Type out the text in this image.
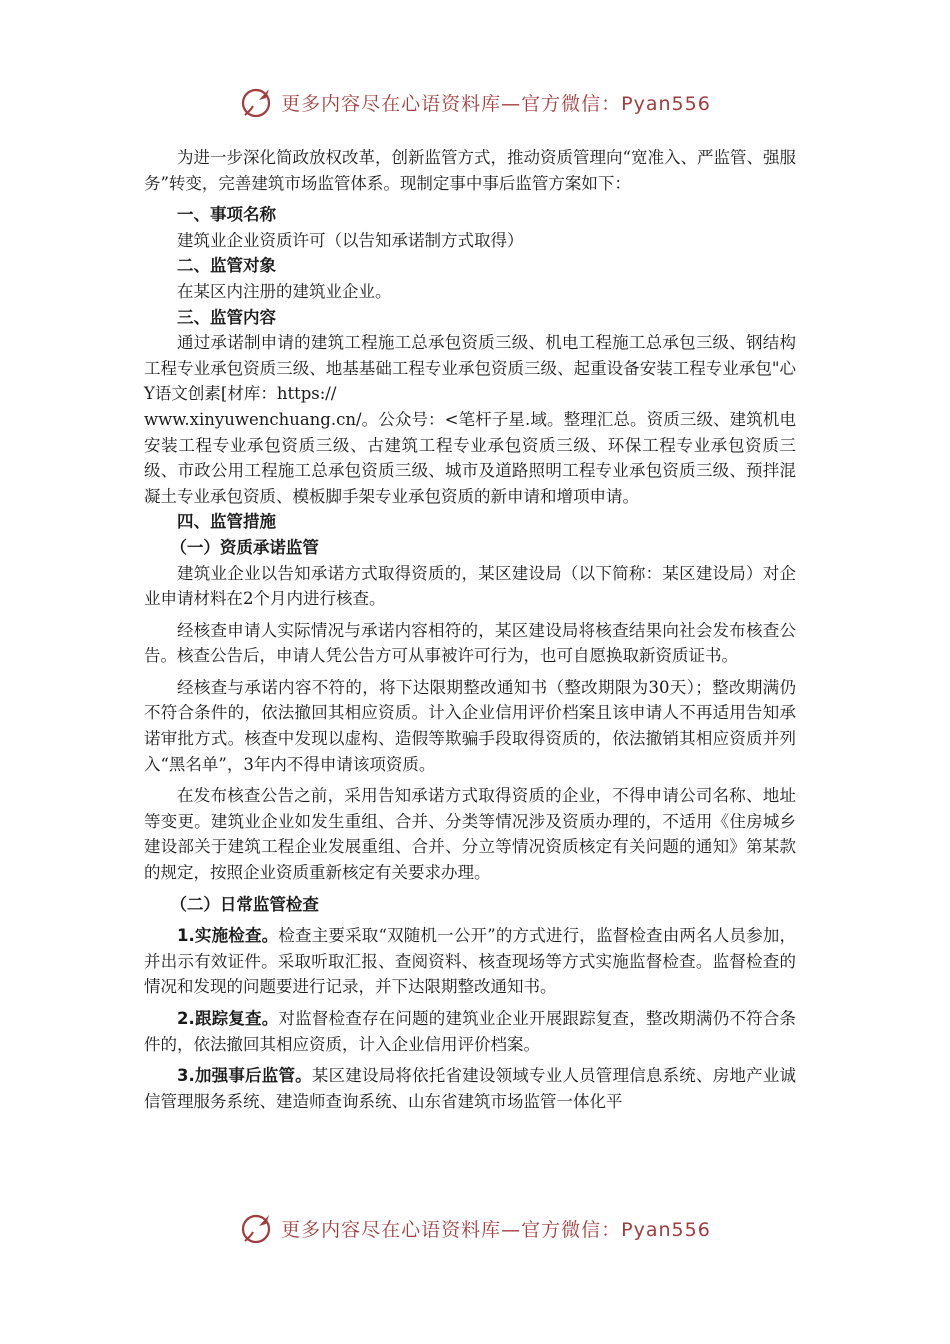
更多内容尽在心语资料库—官方微信：Pyan556

为进一步深化简政放权改革，创新监管方式，推动资质管理向“宽准入、严监管、强服务”转变，完善建筑市场监管体系。现制定事中事后监管方案如下：

一、事项名称

建筑业企业资质许可（以告知承诺制方式取得）

二、监管对象

在某区内注册的建筑业企业。

三、监管内容

通过承诺制申请的建筑工程施工总承包资质三级、机电工程施工总承包三级、钢结构工程专业承包资质三级、地基基础工程专业承包资质三级、起重设备安装工程专业承包"心Y语文创素[材库：https://

www.xinyuwenchuang.cn/。公众号：<笔杆子星.域。整理汇总。资质三级、建筑机电安装工程专业承包资质三级、古建筑工程专业承包资质三级、环保工程专业承包资质三级、市政公用工程施工总承包资质三级、城市及道路照明工程专业承包资质三级、预拌混凝土专业承包资质、模板脚手架专业承包资质的新申请和增项申请。

四、监管措施

（一）资质承诺监管

建筑业企业以告知承诺方式取得资质的，某区建设局（以下简称：某区建设局）对企业申请材料在2个月内进行核查。

经核查申请人实际情况与承诺内容相符的，某区建设局将核查结果向社会发布核查公告。核查公告后，申请人凭公告方可从事被许可行为，也可自愿换取新资质证书。

经核查与承诺内容不符的，将下达限期整改通知书（整改期限为30天）；整改期满仍不符合条件的，依法撤回其相应资质。计入企业信用评价档案且该申请人不再适用告知承诺审批方式。核查中发现以虚构、造假等欺骗手段取得资质的，依法撤销其相应资质并列入“黑名单”，3年内不得申请该项资质。

在发布核查公告之前，采用告知承诺方式取得资质的企业，不得申请公司名称、地址等变更。建筑业企业如发生重组、合并、分类等情况涉及资质办理的，不适用《住房城乡建设部关于建筑工程企业发展重组、合并、分立等情况资质核定有关问题的通知》第某款的规定，按照企业资质重新核定有关要求办理。

（二）日常监管检查

1.实施检查。检查主要采取“双随机一公开”的方式进行，监督检查由两名人员参加，并出示有效证件。采取听取汇报、查阅资料、核查现场等方式实施监督检查。监督检查的情况和发现的问题要进行记录，并下达限期整改通知书。

2.跟踪复查。对监督检查存在问题的建筑业企业开展跟踪复查，整改期满仍不符合条件的，依法撤回其相应资质，计入企业信用评价档案。

3.加强事后监管。某区建设局将依托省建设领域专业人员管理信息系统、房地产业诚信管理服务系统、建造师查询系统、山东省建筑市场监管一体化平

更多内容尽在心语资料库—官方微信：Pyan556
